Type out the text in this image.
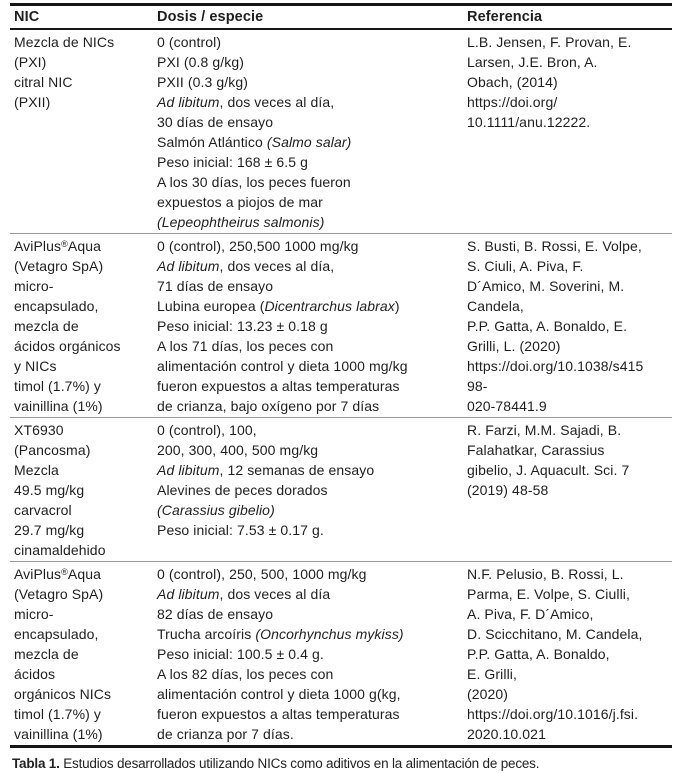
NIC	Dosis / especie	Referencia
Mezcla de NICs
(PXI)
citral NIC
(PXII)
0 (control)
PXI (0.8 g/kg)
PXII (0.3 g/kg)
Ad libitum, dos veces al día,
30 días de ensayo
Salmón Atlántico (Salmo salar)
Peso inicial: 168 ± 6.5 g
A los 30 días, los peces fueron
expuestos a piojos de mar
(Lepeophtheirus salmonis)
L.B. Jensen, F. Provan, E.
Larsen, J.E. Bron, A.
Obach, (2014)
https://doi.org/
10.1111/anu.12222.
AviPlus®Aqua
(Vetagro SpA)
micro-
encapsulado,
mezcla de
ácidos orgánicos
y NICs
timol (1.7%) y
vainillina (1%)
0 (control), 250,500 1000 mg/kg
Ad libitum, dos veces al día,
71 días de ensayo
Lubina europea (Dicentrarchus labrax)
Peso inicial: 13.23 ± 0.18 g
A los 71 días, los peces con
alimentación control y dieta 1000 mg/kg
fueron expuestos a altas temperaturas
de crianza, bajo oxígeno por 7 días
S. Busti, B. Rossi, E. Volpe,
S. Ciuli, A. Piva, F.
D´Amico, M. Soverini, M.
Candela,
P.P. Gatta, A. Bonaldo, E.
Grilli, L. (2020)
https://doi.org/10.1038/s415
98-
020-78441.9
XT6930
(Pancosma)
Mezcla
49.5 mg/kg
carvacrol
29.7 mg/kg
cinamaldehido
0 (control), 100,
200, 300, 400, 500 mg/kg
Ad libitum, 12 semanas de ensayo
Alevines de peces dorados
(Carassius gibelio)
Peso inicial: 7.53 ± 0.17 g.
R. Farzi, M.M. Sajadi, B.
Falahatkar, Carassius
gibelio, J. Aquacult. Sci. 7
(2019) 48-58
AviPlus®Aqua
(Vetagro SpA)
micro-
encapsulado,
mezcla de
ácidos
orgánicos NICs
timol (1.7%) y
vainillina (1%)
0 (control), 250, 500, 1000 mg/kg
Ad libitum, dos veces al día
82 días de ensayo
Trucha arcoíris (Oncorhynchus mykiss)
Peso inicial: 100.5 ± 0.4 g.
A los 82 días, los peces con
alimentación control y dieta 1000 g(kg,
fueron expuestos a altas temperaturas
de crianza por 7 días.
N.F. Pelusio, B. Rossi, L.
Parma, E. Volpe, S. Ciulli,
A. Piva, F. D´Amico,
D. Scicchitano, M. Candela,
P.P. Gatta, A. Bonaldo,
E. Grilli,
(2020)
https://doi.org/10.1016/j.fsi.
2020.10.021

Tabla 1. Estudios desarrollados utilizando NICs como aditivos en la alimentación de peces.
